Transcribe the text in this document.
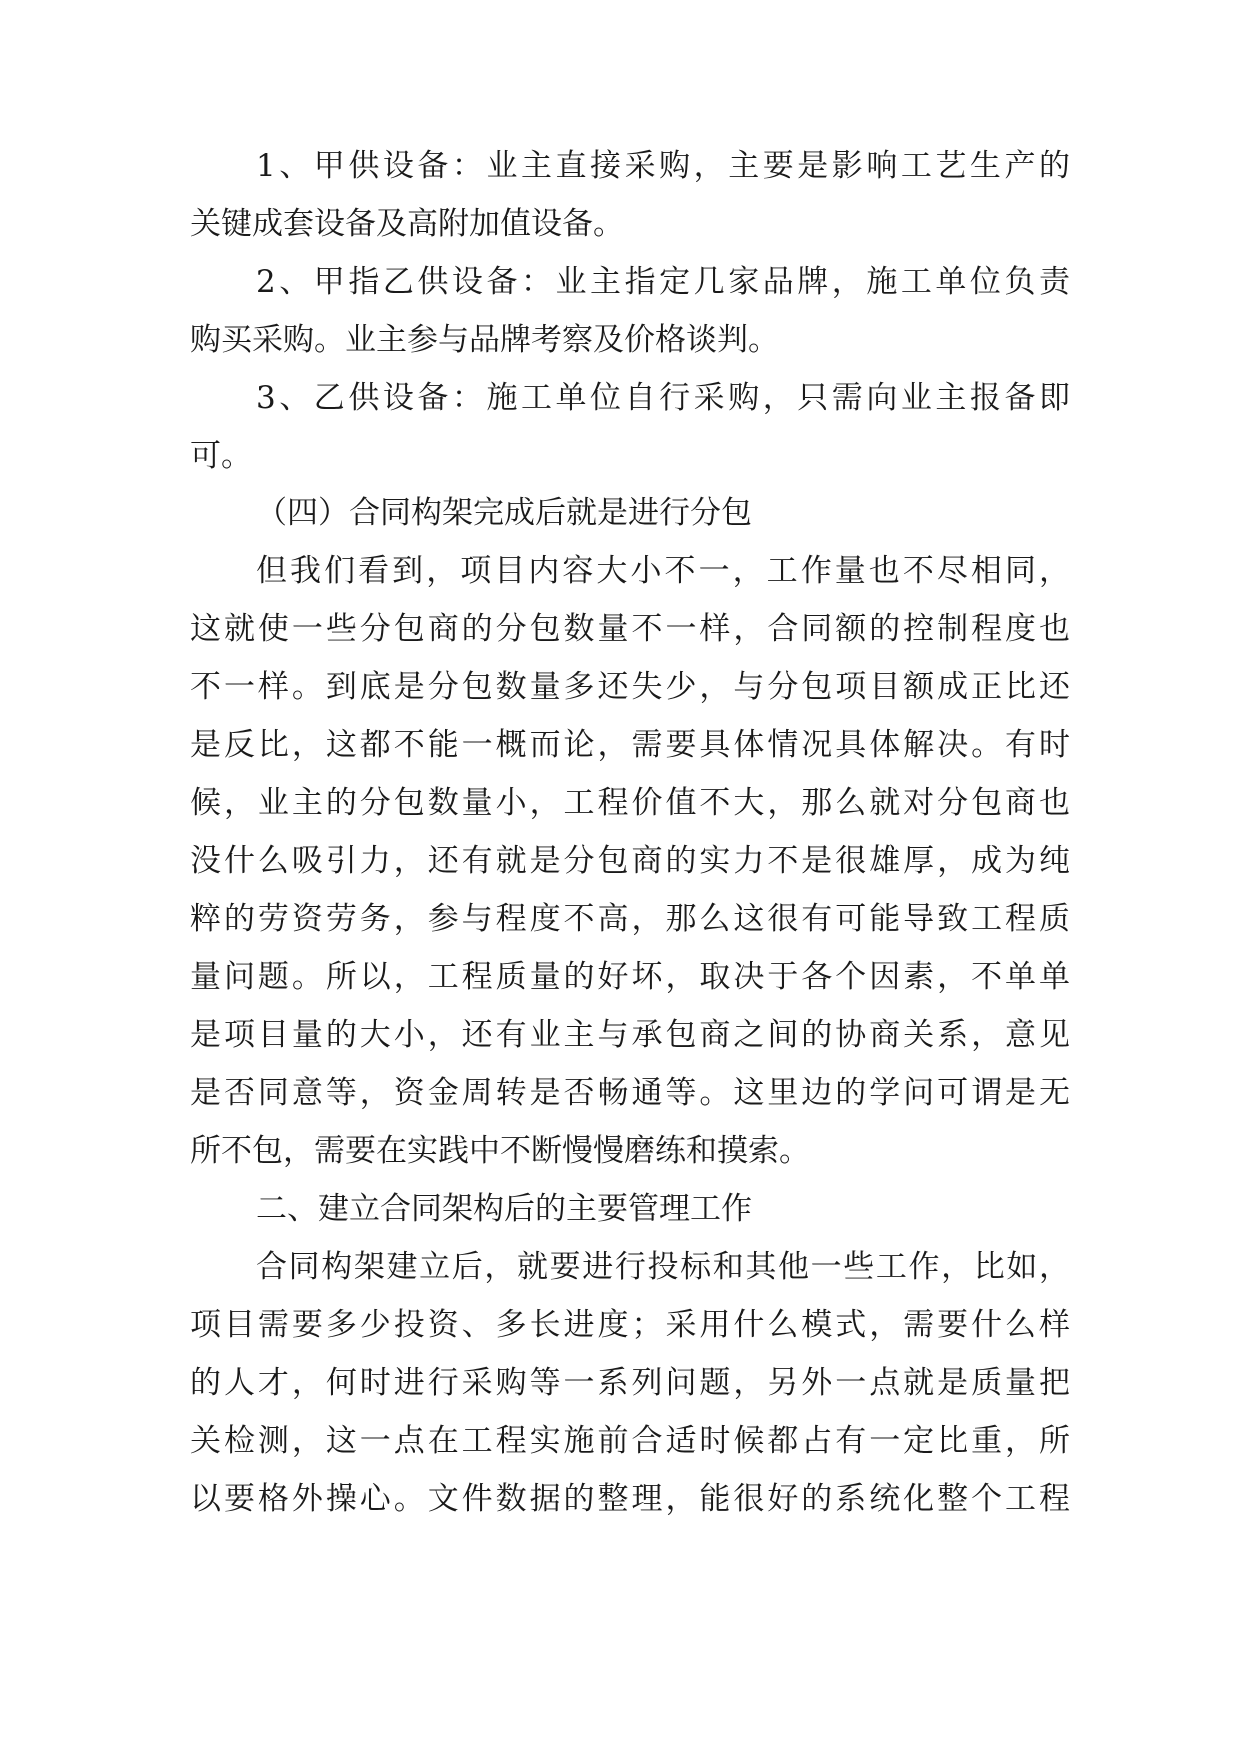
1、甲供设备：业主直接采购，主要是影响工艺生产的

关键成套设备及高附加值设备。

2、甲指乙供设备：业主指定几家品牌，施工单位负责

购买采购。业主参与品牌考察及价格谈判。

3、乙供设备：施工单位自行采购，只需向业主报备即

可。

（四）合同构架完成后就是进行分包

但我们看到，项目内容大小不一，工作量也不尽相同，

这就使一些分包商的分包数量不一样，合同额的控制程度也

不一样。到底是分包数量多还失少，与分包项目额成正比还

是反比，这都不能一概而论，需要具体情况具体解决。有时

候，业主的分包数量小，工程价值不大，那么就对分包商也

没什么吸引力，还有就是分包商的实力不是很雄厚，成为纯

粹的劳资劳务，参与程度不高，那么这很有可能导致工程质

量问题。所以，工程质量的好坏，取决于各个因素，不单单

是项目量的大小，还有业主与承包商之间的协商关系，意见

是否同意等，资金周转是否畅通等。这里边的学问可谓是无

所不包，需要在实践中不断慢慢磨练和摸索。

二、建立合同架构后的主要管理工作

合同构架建立后，就要进行投标和其他一些工作，比如，

项目需要多少投资、多长进度；采用什么模式，需要什么样

的人才，何时进行采购等一系列问题，另外一点就是质量把

关检测，这一点在工程实施前合适时候都占有一定比重，所

以要格外操心。文件数据的整理，能很好的系统化整个工程
